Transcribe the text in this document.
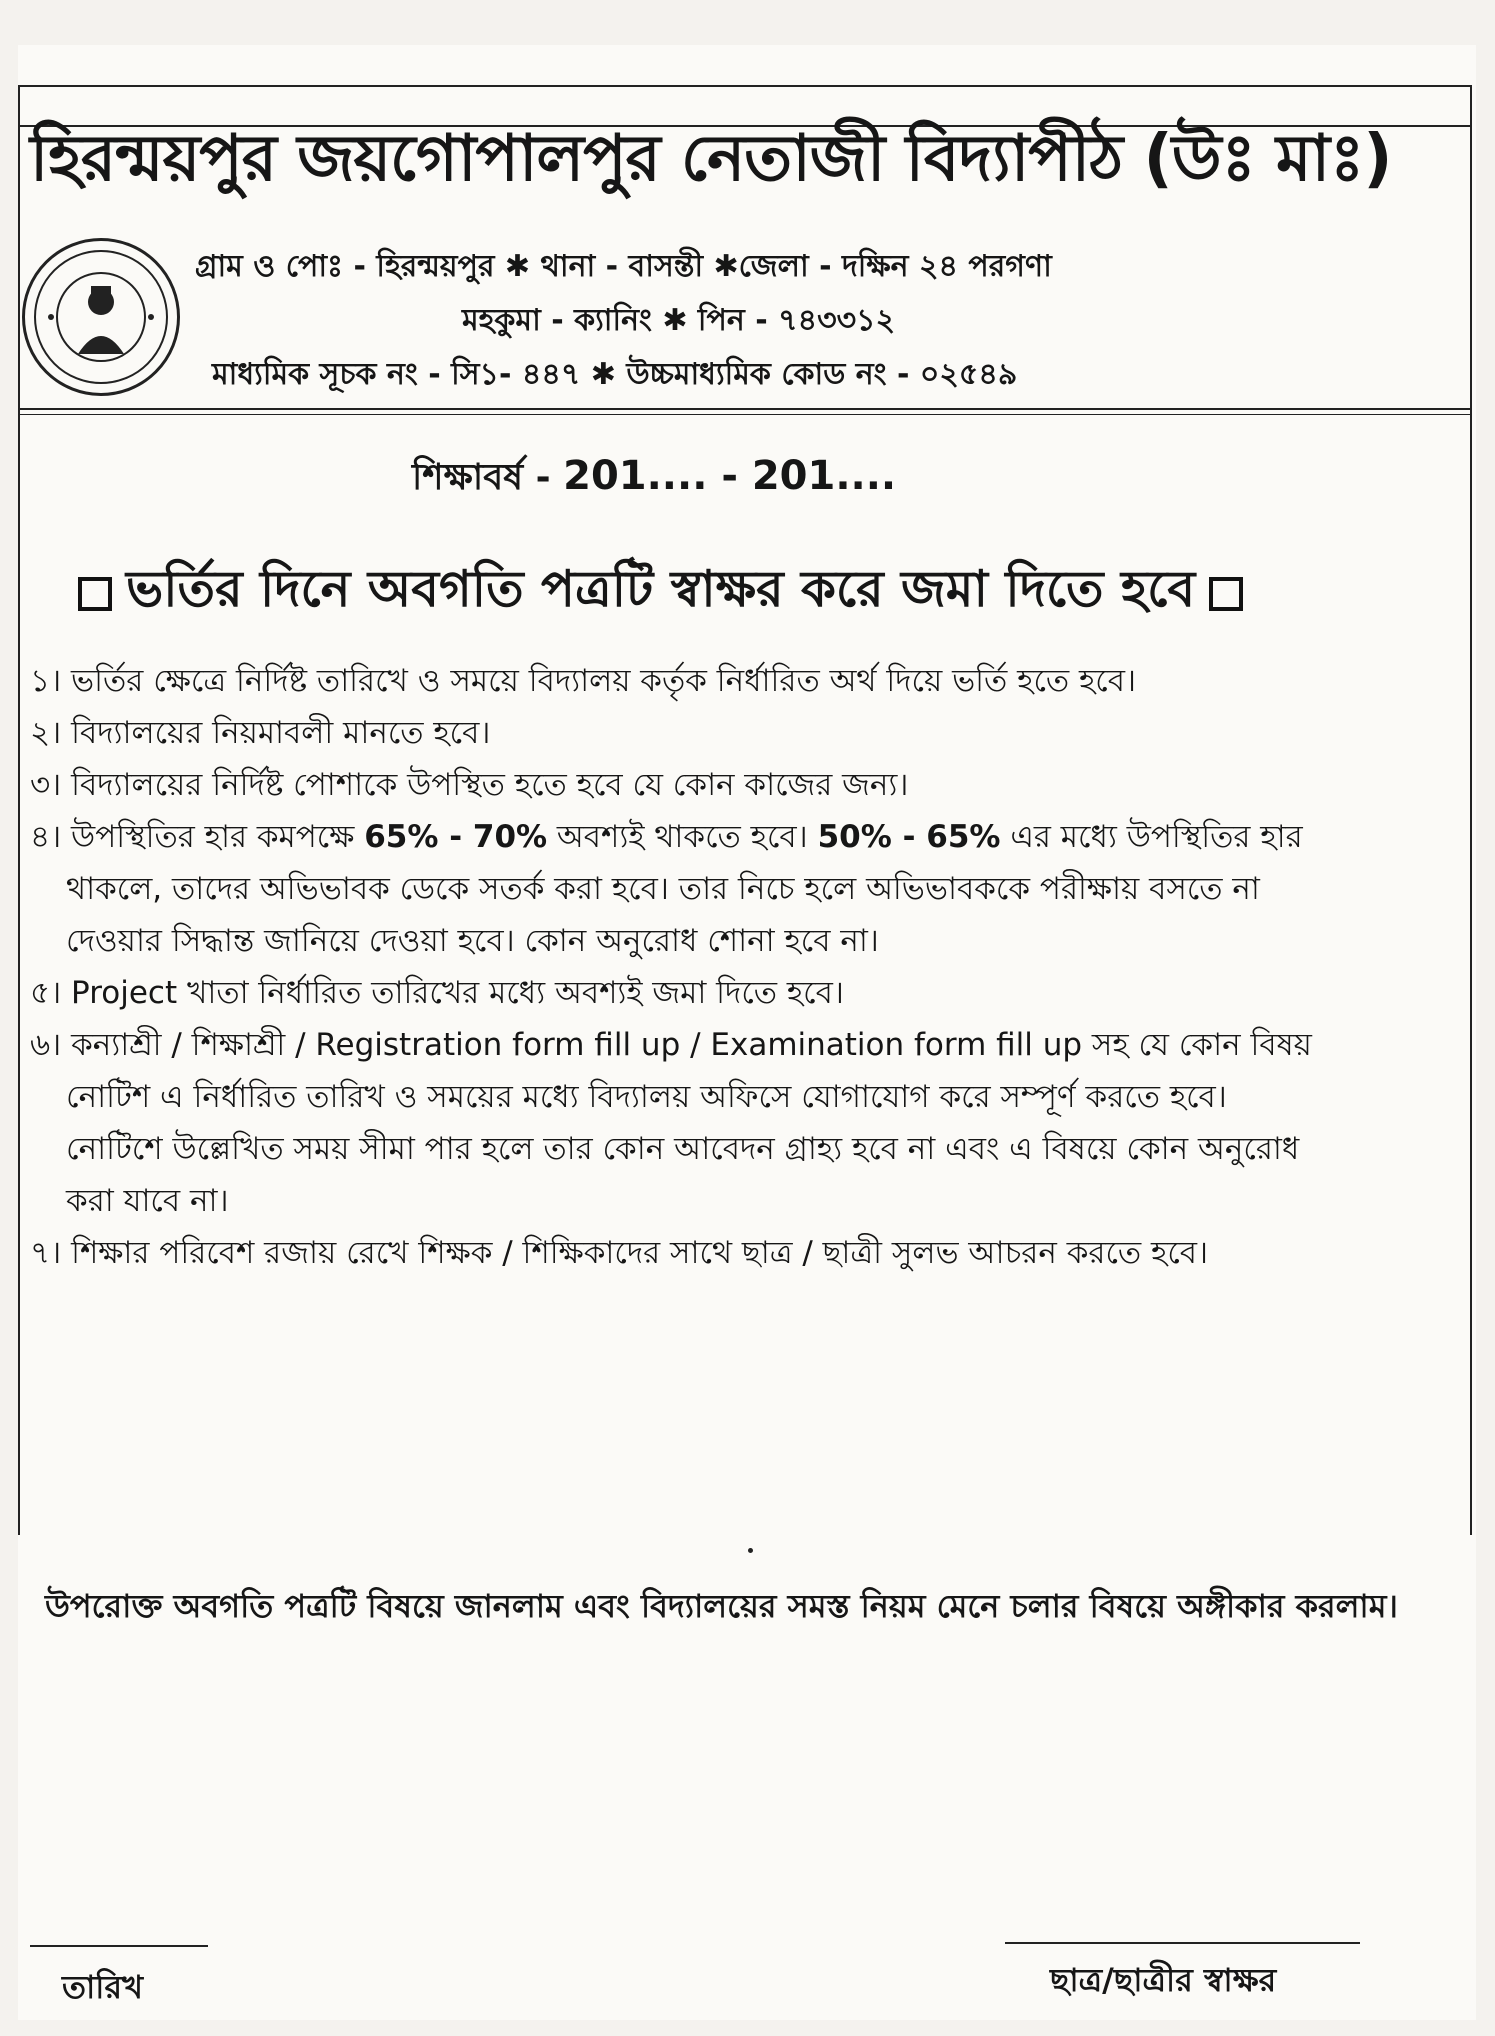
হিরন্ময়পুর জয়গোপালপুর নেতাজী বিদ্যাপীঠ (উঃ মাঃ)
গ্রাম ও পোঃ - হিরন্ময়পুর ✱ থানা - বাসন্তী ✱জেলা - দক্ষিন ২৪ পরগণা
মহকুমা - ক্যানিং ✱ পিন - ৭৪৩৩১২
মাধ্যমিক সূচক নং - সি১- ৪৪৭ ✱ উচ্চমাধ্যমিক কোড নং - ০২৫৪৯
শিক্ষাবর্ষ - 201.... - 201....
ভর্তির দিনে অবগতি পত্রটি স্বাক্ষর করে জমা দিতে হবে
১। ভর্তির ক্ষেত্রে নির্দিষ্ট তারিখে ও সময়ে বিদ্যালয় কর্তৃক নির্ধারিত অর্থ দিয়ে ভর্তি হতে হবে।
২। বিদ্যালয়ের নিয়মাবলী মানতে হবে।
৩। বিদ্যালয়ের নির্দিষ্ট পোশাকে উপস্থিত হতে হবে যে কোন কাজের জন্য।
৪। উপস্থিতির হার কমপক্ষে 65% - 70% অবশ্যই থাকতে হবে। 50% - 65% এর মধ্যে উপস্থিতির হার
থাকলে, তাদের অভিভাবক ডেকে সতর্ক করা হবে। তার নিচে হলে অভিভাবককে পরীক্ষায় বসতে না
দেওয়ার সিদ্ধান্ত জানিয়ে দেওয়া হবে। কোন অনুরোধ শোনা হবে না।
৫। Project খাতা নির্ধারিত তারিখের মধ্যে অবশ্যই জমা দিতে হবে।
৬। কন্যাশ্রী / শিক্ষাশ্রী / Registration form fill up / Examination form fill up সহ যে কোন বিষয়
নোটিশ এ নির্ধারিত তারিখ ও সময়ের মধ্যে বিদ্যালয় অফিসে যোগাযোগ করে সম্পূর্ণ করতে হবে।
নোটিশে উল্লেখিত সময় সীমা পার হলে তার কোন আবেদন গ্রাহ্য হবে না এবং এ বিষয়ে কোন অনুরোধ
করা যাবে না।
৭। শিক্ষার পরিবেশ রজায় রেখে শিক্ষক / শিক্ষিকাদের সাথে ছাত্র / ছাত্রী সুলভ আচরন করতে হবে।
উপরোক্ত অবগতি পত্রটি বিষয়ে জানলাম এবং বিদ্যালয়ের সমস্ত নিয়ম মেনে চলার বিষয়ে অঙ্গীকার করলাম।
তারিখ	ছাত্র/ছাত্রীর স্বাক্ষর
